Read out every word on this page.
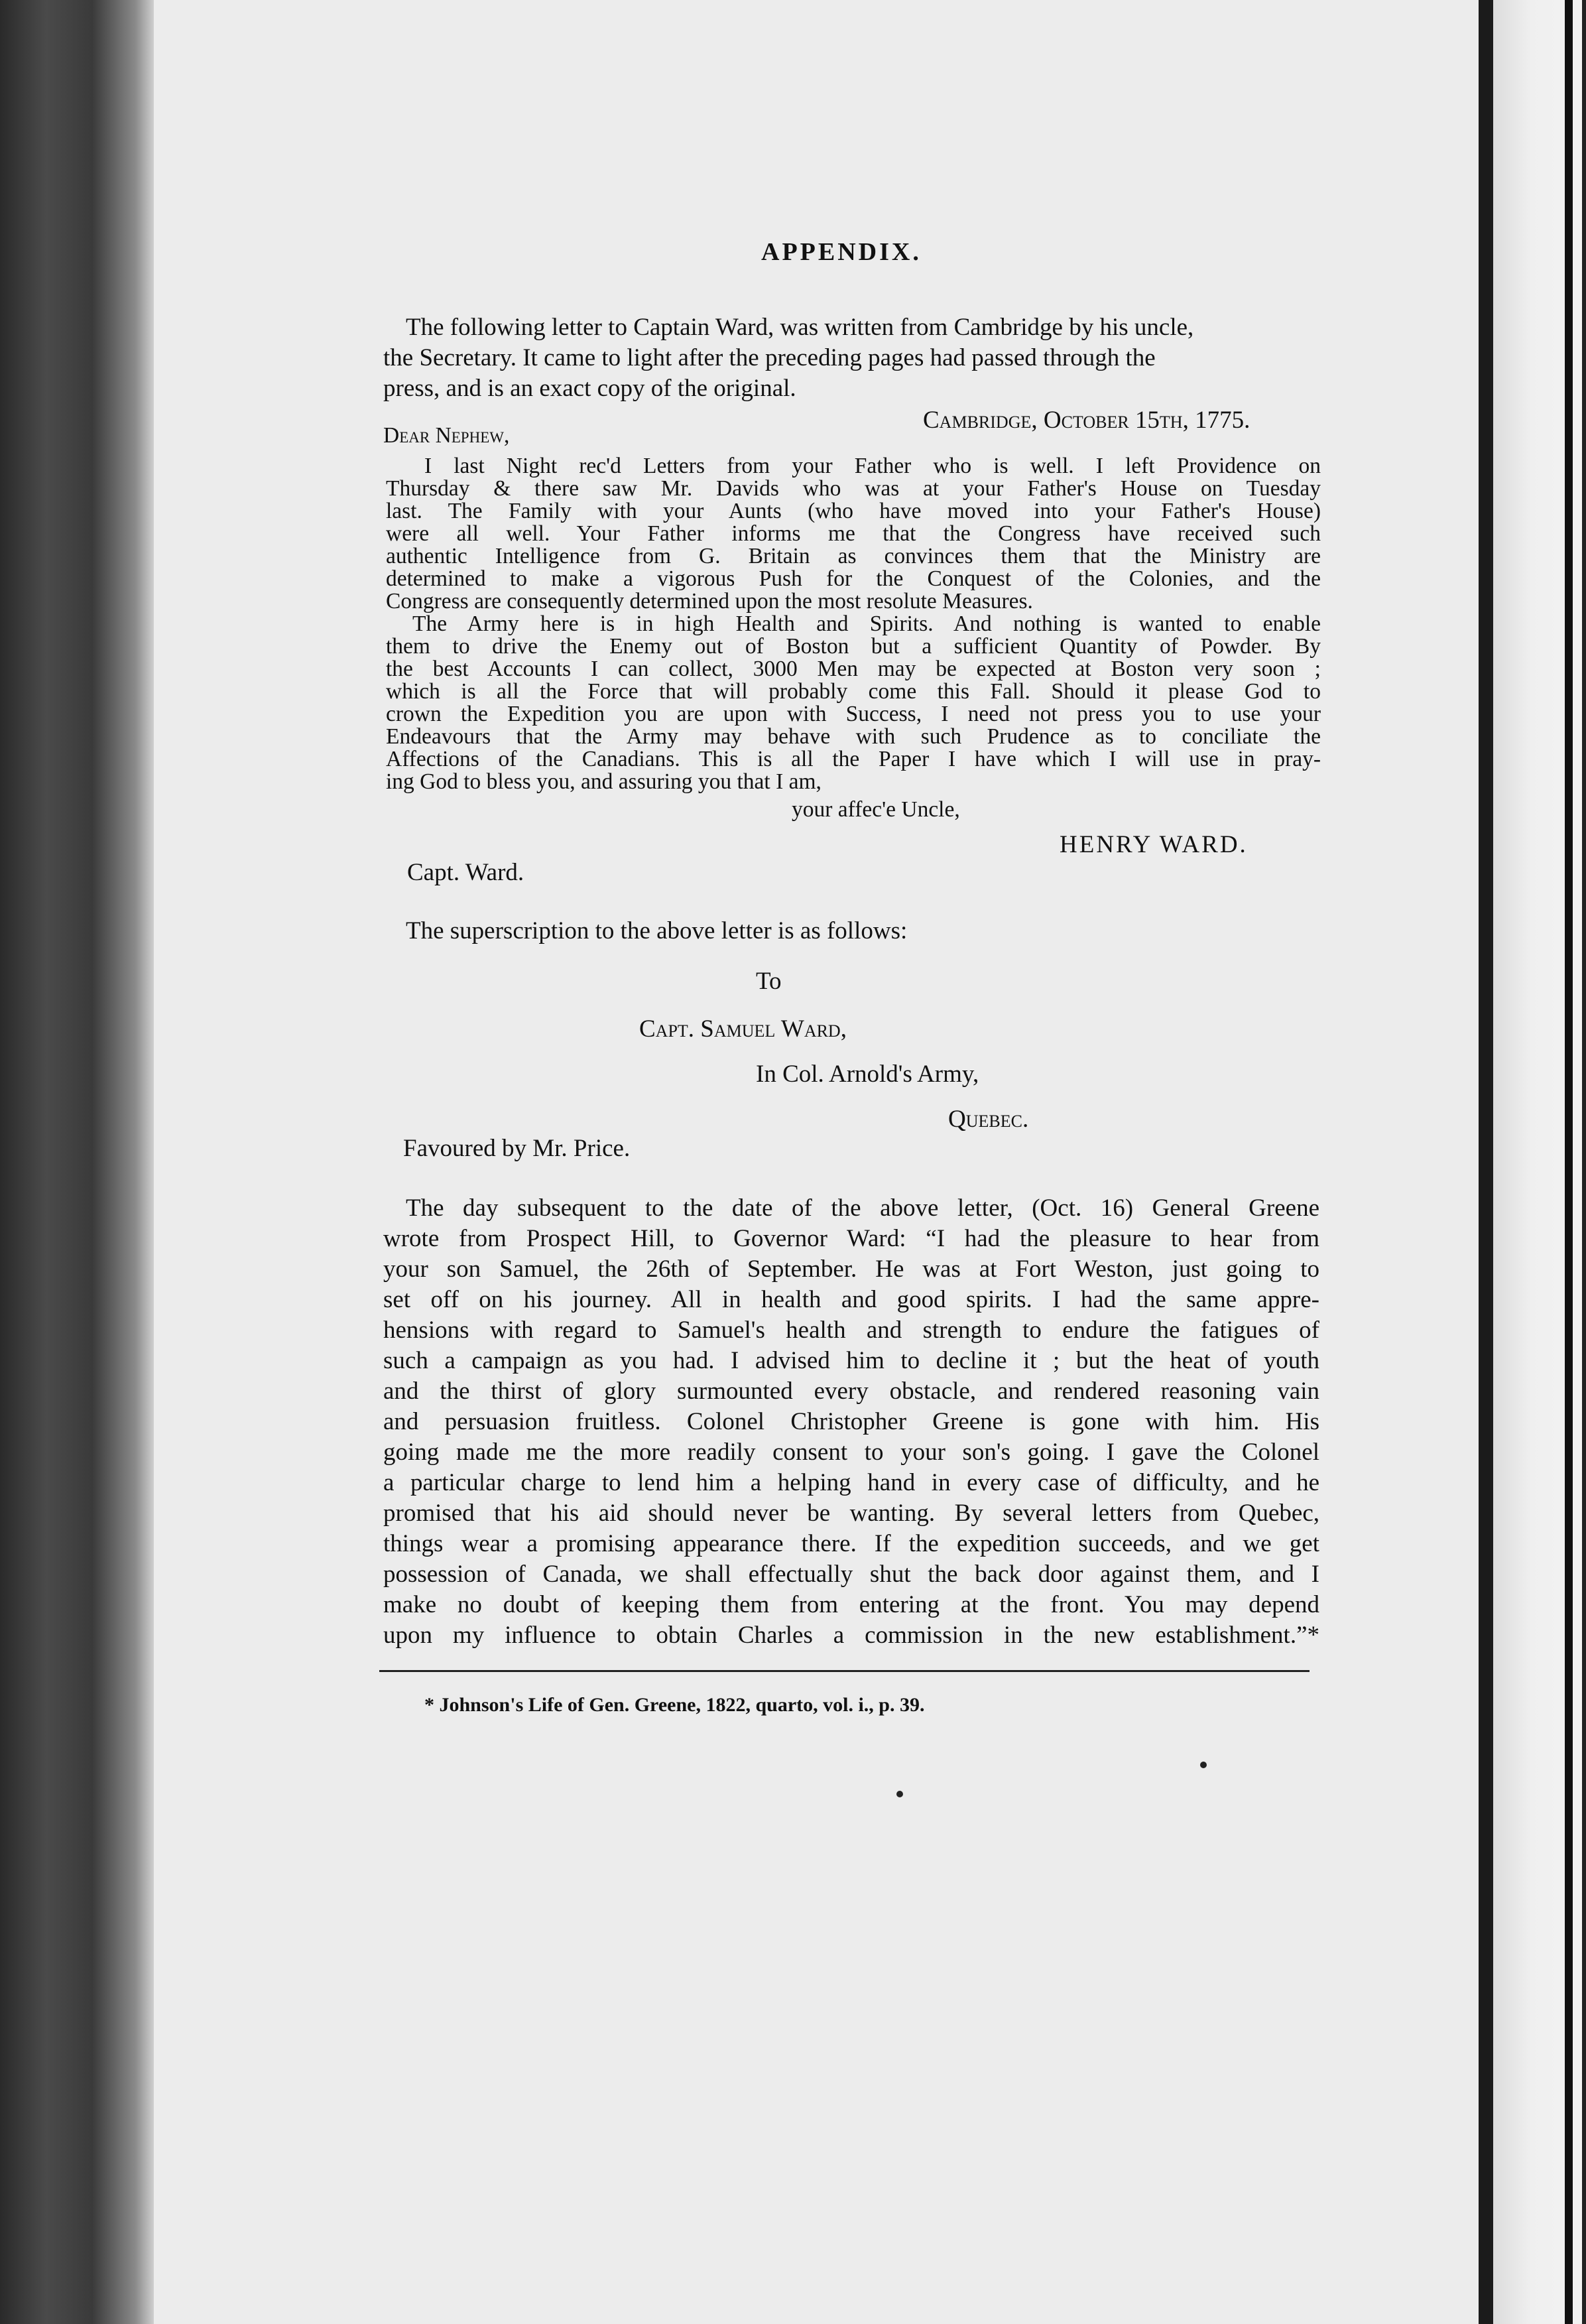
APPENDIX.
The following letter to Captain Ward, was written from Cambridge by his uncle,
the Secretary. It came to light after the preceding pages had passed through the
press, and is an exact copy of the original.
Cambridge, October 15th, 1775.
Dear Nephew,
I last Night rec'd Letters from your Father who is well. I left Providence on
Thursday & there saw Mr. Davids who was at your Father's House on Tuesday
last. The Family with your Aunts (who have moved into your Father's House)
were all well. Your Father informs me that the Congress have received such
authentic Intelligence from G. Britain as convinces them that the Ministry are
determined to make a vigorous Push for the Conquest of the Colonies, and the
Congress are consequently determined upon the most resolute Measures.
The Army here is in high Health and Spirits. And nothing is wanted to enable
them to drive the Enemy out of Boston but a sufficient Quantity of Powder. By
the best Accounts I can collect, 3000 Men may be expected at Boston very soon ;
which is all the Force that will probably come this Fall. Should it please God to
crown the Expedition you are upon with Success, I need not press you to use your
Endeavours that the Army may behave with such Prudence as to conciliate the
Affections of the Canadians. This is all the Paper I have which I will use in pray-
ing God to bless you, and assuring you that I am,
your affec'e Uncle,
HENRY WARD.
Capt. Ward.
The superscription to the above letter is as follows:
To
Capt. Samuel Ward,
In Col. Arnold's Army,
Quebec.
Favoured by Mr. Price.
The day subsequent to the date of the above letter, (Oct. 16) General Greene
wrote from Prospect Hill, to Governor Ward: “I had the pleasure to hear from
your son Samuel, the 26th of September. He was at Fort Weston, just going to
set off on his journey. All in health and good spirits. I had the same appre-
hensions with regard to Samuel's health and strength to endure the fatigues of
such a campaign as you had. I advised him to decline it ; but the heat of youth
and the thirst of glory surmounted every obstacle, and rendered reasoning vain
and persuasion fruitless. Colonel Christopher Greene is gone with him. His
going made me the more readily consent to your son's going. I gave the Colonel
a particular charge to lend him a helping hand in every case of difficulty, and he
promised that his aid should never be wanting. By several letters from Quebec,
things wear a promising appearance there. If the expedition succeeds, and we get
possession of Canada, we shall effectually shut the back door against them, and I
make no doubt of keeping them from entering at the front. You may depend
upon my influence to obtain Charles a commission in the new establishment.”*
* Johnson's Life of Gen. Greene, 1822, quarto, vol. i., p. 39.
